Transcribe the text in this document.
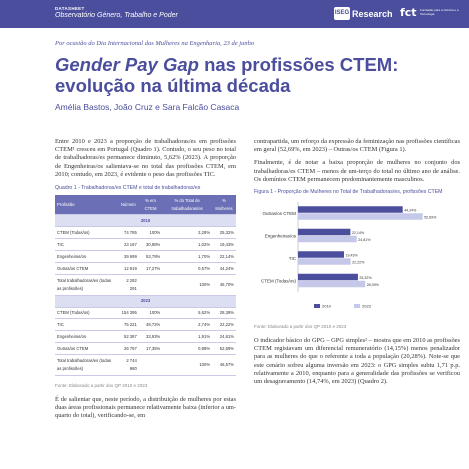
DATASHEET
Observatório Género, Trabalho e Poder	ISEG Research fct Fundação para a Ciência e a Tecnologia
Por ocasião do Dia Internacional das Mulheres na Engenharia, 23 de junho
Gender Pay Gap nas profissões CTEM: evolução na última década
Amélia Bastos, João Cruz e Sara Falcão Casaca

Entre 2010 e 2023 a proporção de trabalhadoras/es em profissões CTEM¹ cresceu em Portugal (Quadro 1). Contudo, o seu peso no total de trabalhadoras/es permanece diminuto, 5,62% (2023). A proporção de Engenheiras/os salientava-se no total das profissões CTEM, em 2010; contudo, em 2023, é evidente o peso das profissões TIC.

Quadro 1 - Trabalhadoras/es CTEM e total de trabalhadoras/es
Profissão	Número	% em CTEM	% do Total de trabalhadoras/es	% Mulheres
2010				
CTEM (Todas/os)	74 785	100%	3,28%	25,32%
TIC	23 167	30,98%	1,02%	19,43%
Engenheiras/os	39 699	53,79%	1,70%	22,14%
Outras/os CTEM	12 919	17,27%	0,57%	44,24%
Total trabalhadoras/es (todas as profissões)	2 282 291		100%	45,70%
2023				
CTEM (Todas/os)	154 395	100%	5,62%	28,39%
TIC	75 221	48,72%	2,74%	22,22%
Engenheiras/os	52 387	33,93%	1,91%	24,81%
Outras/os CTEM	26 787	17,35%	0,98%	52,69%
Total trabalhadoras/es (todas as profissões)	2 744 980		100%	46,57%
Fonte: Elaborado a partir dos QP 2010 e 2023

É de salientar que, neste período, a distribuição de mulheres por estas duas áreas profissionais permanece relativamente baixa (inferior a um-quarto do total), verificando-se, em

contrapartida, um reforço da expressão da feminização nas profissões científicas em geral (52,69%, em 2023) – Outras/os CTEM (Figura 1).

Finalmente, é de notar a baixa proporção de mulheres no conjunto dos trabalhadoras/es CTEM – menos de um-terço do total no último ano de análise. Os domínios CTEM permanecem predominantemente masculinos.

Figura 1 - Proporção de Mulheres no Total de Trabalhadoras/es, profissões CTEM
Outras/os CTEM
44,24%
52,69%
Engenheiras/os
22,14%
24,81%
TIC
19,43%
22,22%
CTEM (Todas/os)
25,32%
28,39%
2010	2023
Fonte: Elaborado a partir dos QP 2010 e 2023

O indicador básico do GPG – GPG simples² – mostra que em 2010 as profissões CTEM registavam um diferencial remuneratório (14,15%) menos penalizador para as mulheres do que o referente a toda a população (20,28%). Note-se que este cenário sofreu alguma inversão em 2023: o GPG simples subiu 1,71 p.p. relativamente a 2010, enquanto para a generalidade das profissões se verificou um desagravamento (14,74%, em 2023) (Quadro 2).
